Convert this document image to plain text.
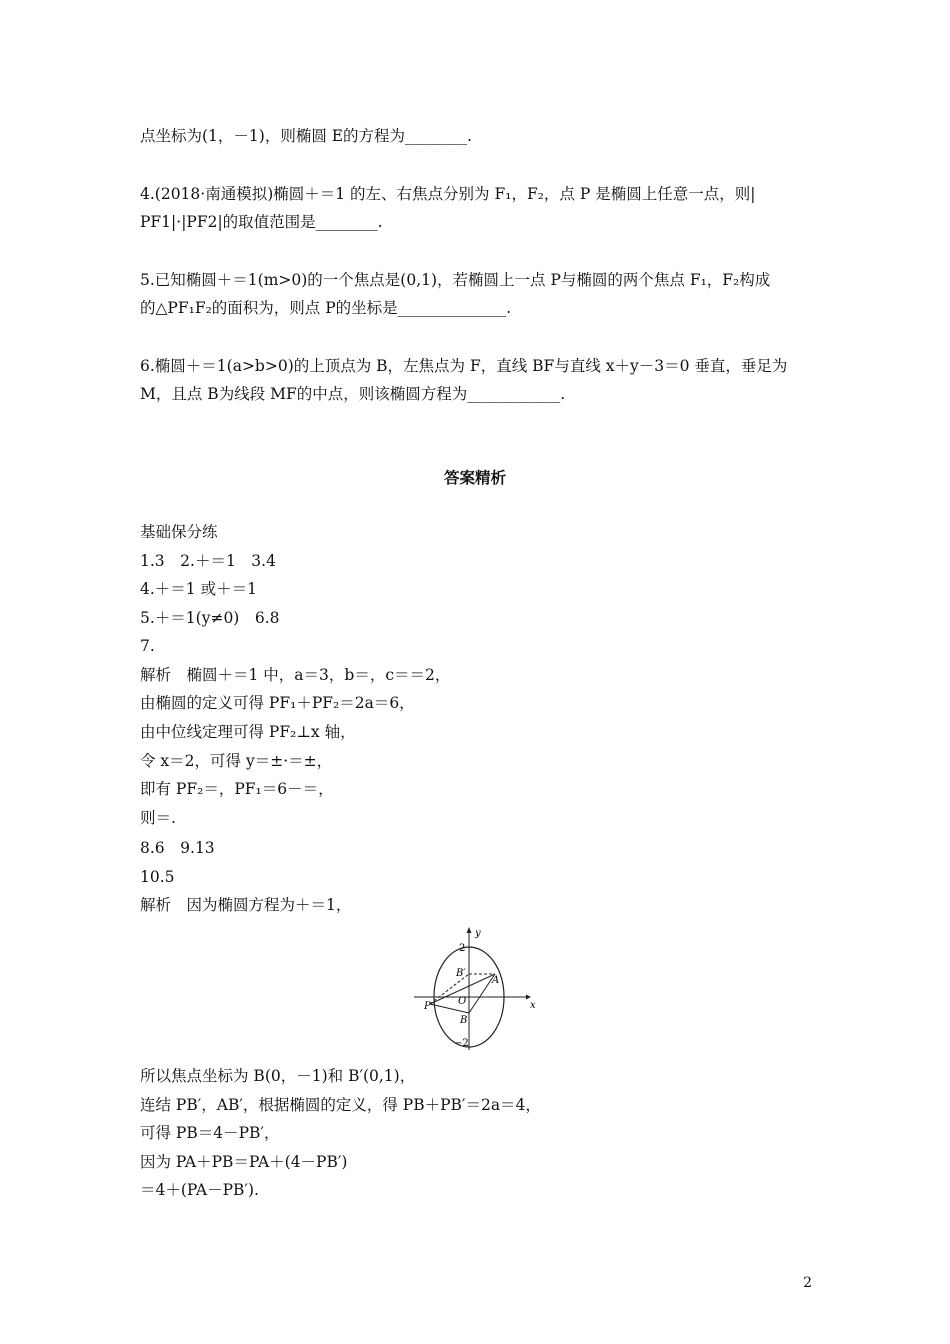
点坐标为(1，－1)，则椭圆 E的方程为________.
4.(2018·南通模拟)椭圆＋＝1 的左、右焦点分别为 F₁，F₂，点 P 是椭圆上任意一点，则|
PF1|·|PF2|的取值范围是________.
5.已知椭圆＋＝1(m>0)的一个焦点是(0,1)，若椭圆上一点 P与椭圆的两个焦点 F₁，F₂构成
的△PF₁F₂的面积为，则点 P的坐标是______________.
6.椭圆＋＝1(a>b>0)的上顶点为 B，左焦点为 F，直线 BF与直线 x＋y－3＝0 垂直，垂足为
M，且点 B为线段 MF的中点，则该椭圆方程为____________.
答案精析
基础保分练
1.3　2.＋＝1　3.4
4.＋＝1 或＋＝1
5.＋＝1(y≠0)　6.8
7.
解析　椭圆＋＝1 中，a＝3，b＝，c＝＝2，
由椭圆的定义可得 PF₁＋PF₂＝2a＝6，
由中位线定理可得 PF₂⊥x 轴，
令 x＝2，可得 y＝±·＝±，
即有 PF₂＝，PF₁＝6－＝，
则＝.
8.6　9.13
10.5
解析　因为椭圆方程为＋＝1，
y
x
2
−2
B′
A
P	O
B
所以焦点坐标为 B(0，－1)和 B′(0,1)，
连结 PB′，AB′，根据椭圆的定义，得 PB＋PB′＝2a＝4，
可得 PB＝4－PB′，
因为 PA＋PB＝PA＋(4－PB′)
＝4＋(PA－PB′).
2
